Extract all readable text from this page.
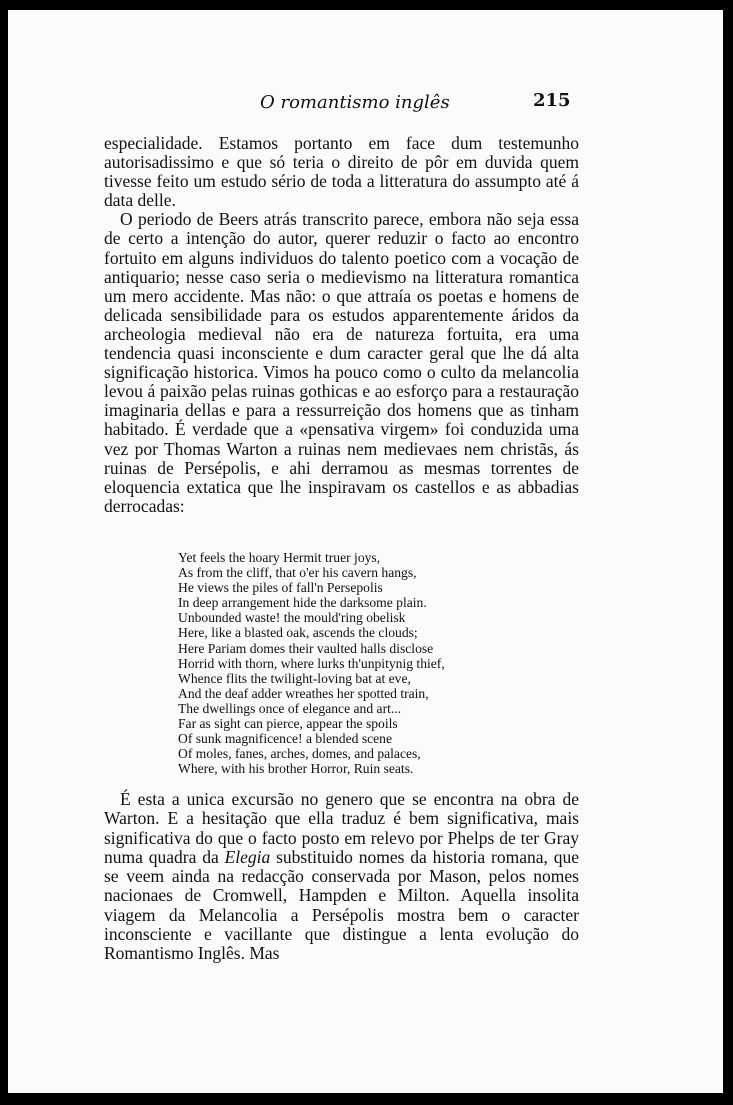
O romantismo inglês	215

especialidade. Estamos portanto em face dum testemunho autorisadissimo e que só teria o direito de pôr em duvida quem tivesse feito um estudo sério de toda a litteratura do assumpto até á data delle.

O periodo de Beers atrás transcrito parece, embora não seja essa de certo a intenção do autor, querer reduzir o facto ao encontro fortuito em alguns individuos do talento poetico com a vocação de antiquario; nesse caso seria o medievismo na litteratura romantica um mero accidente. Mas não: o que attraía os poetas e homens de delicada sensibilidade para os estudos apparentemente áridos da archeologia medieval não era de natureza fortuita, era uma tendencia quasi inconsciente e dum caracter geral que lhe dá alta significação historica. Vimos ha pouco como o culto da melancolia levou á paixão pelas ruinas gothicas e ao esforço para a restauração imaginaria dellas e para a ressurreição dos homens que as tinham habitado. É verdade que a «pensativa virgem» foi conduzida uma vez por Thomas Warton a ruinas nem medievaes nem christãs, ás ruinas de Persépolis, e ahi derramou as mesmas torrentes de eloquencia extatica que lhe inspiravam os castellos e as abbadias derrocadas:

Yet feels the hoary Hermit truer joys,
As from the cliff, that o'er his cavern hangs,
He views the piles of fall'n Persepolis
In deep arrangement hide the darksome plain.
Unbounded waste! the mould'ring obelisk
Here, like a blasted oak, ascends the clouds;
Here Pariam domes their vaulted halls disclose
Horrid with thorn, where lurks th'unpitynig thief,
Whence flits the twilight-loving bat at eve,
And the deaf adder wreathes her spotted train,
The dwellings once of elegance and art...
Far as sight can pierce, appear the spoils
Of sunk magnificence! a blended scene
Of moles, fanes, arches, domes, and palaces,
Where, with his brother Horror, Ruin seats.

É esta a unica excursão no genero que se encontra na obra de Warton. E a hesitação que ella traduz é bem significativa, mais significativa do que o facto posto em relevo por Phelps de ter Gray numa quadra da Elegia substituido nomes da historia romana, que se veem ainda na redacção conservada por Mason, pelos nomes nacionaes de Cromwell, Hampden e Milton. Aquella insolita viagem da Melancolia a Persépolis mostra bem o caracter inconsciente e vacillante que distingue a lenta evolução do Romantismo Inglês. Mas
